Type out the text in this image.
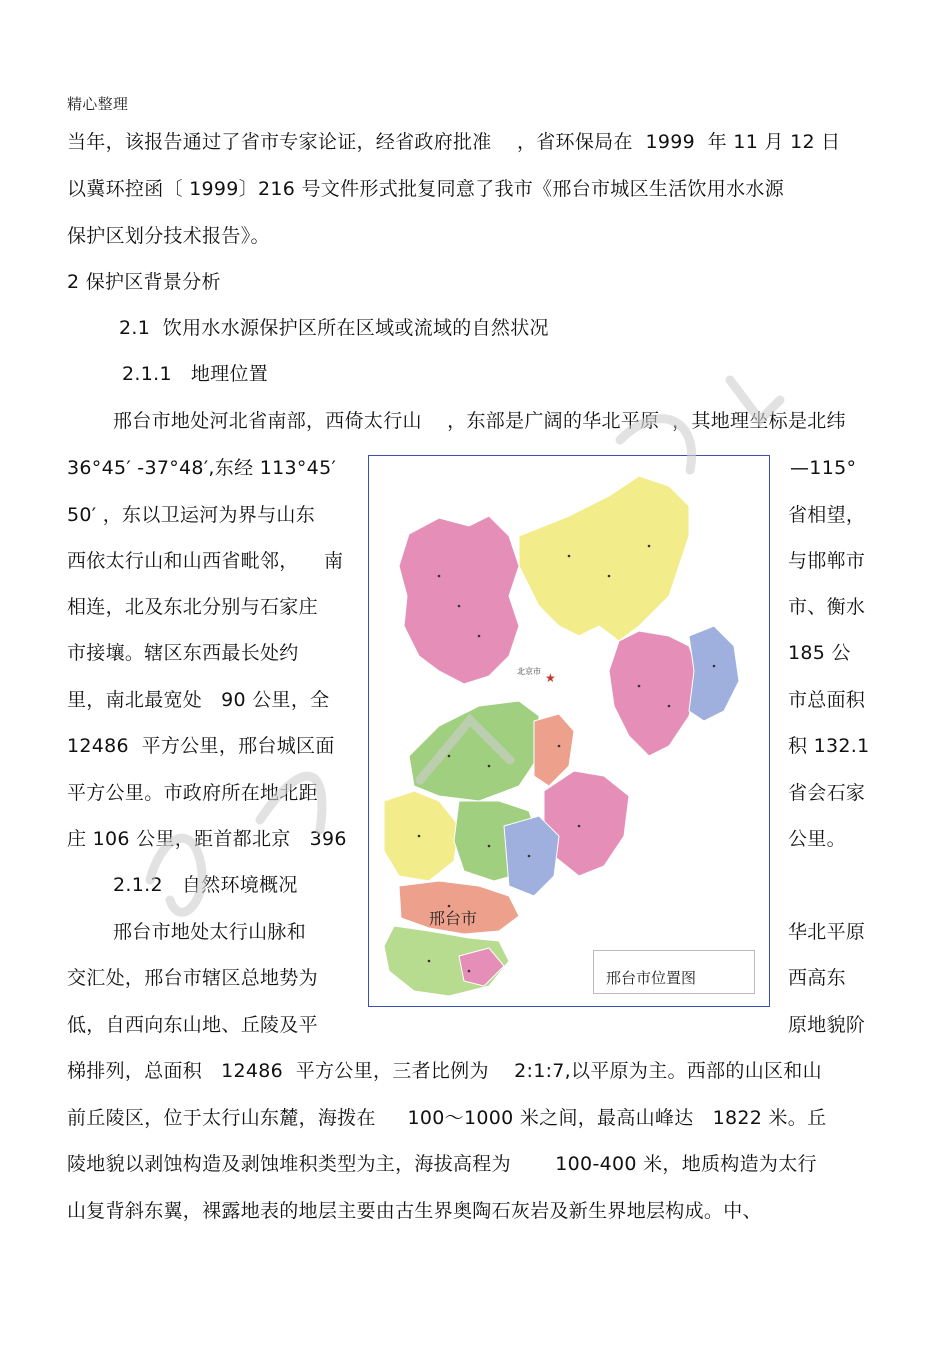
精心整理
当年，该报告通过了省市专家论证，经省政府批准    ，省环保局在  1999  年 11 月 12 日
以冀环控函〔 1999〕216 号文件形式批复同意了我市《邢台市城区生活饮用水水源
保护区划分技术报告》。
2 保护区背景分析
2.1  饮用水水源保护区所在区域或流域的自然状况
2.1.1   地理位置
邢台市地处河北省南部，西倚太行山    ，东部是广阔的华北平原  ，其地理坐标是北纬
36°45′ -37°48′,东经 113°45′
50′ ，东以卫运河为界与山东
西依太行山和山西省毗邻，    南
相连，北及东北分别与石家庄
市接壤。辖区东西最长处约
里，南北最宽处   90 公里，全
12486  平方公里，邢台城区面
平方公里。市政府所在地北距
庄 106 公里，距首都北京   396
—115°
省相望，
与邯郸市
市、衡水
185 公
市总面积
积 132.1
省会石家
公里。
2.1.2   自然环境概况
邢台市地处太行山脉和
交汇处，邢台市辖区总地势为
低，自西向东山地、丘陵及平
华北平原
西高东
原地貌阶
梯排列，总面积   12486  平方公里，三者比例为    2:1:7,以平原为主。西部的山区和山
前丘陵区，位于太行山东麓，海拨在     100～1000 米之间，最高山峰达   1822 米。丘
陵地貌以剥蚀构造及剥蚀堆积类型为主，海拔高程为       100-400 米，地质构造为太行
山复背斜东翼，裸露地表的地层主要由古生界奥陶石灰岩及新生界地层构成。中、
★
北京市
邢台市
邢台市位置图
